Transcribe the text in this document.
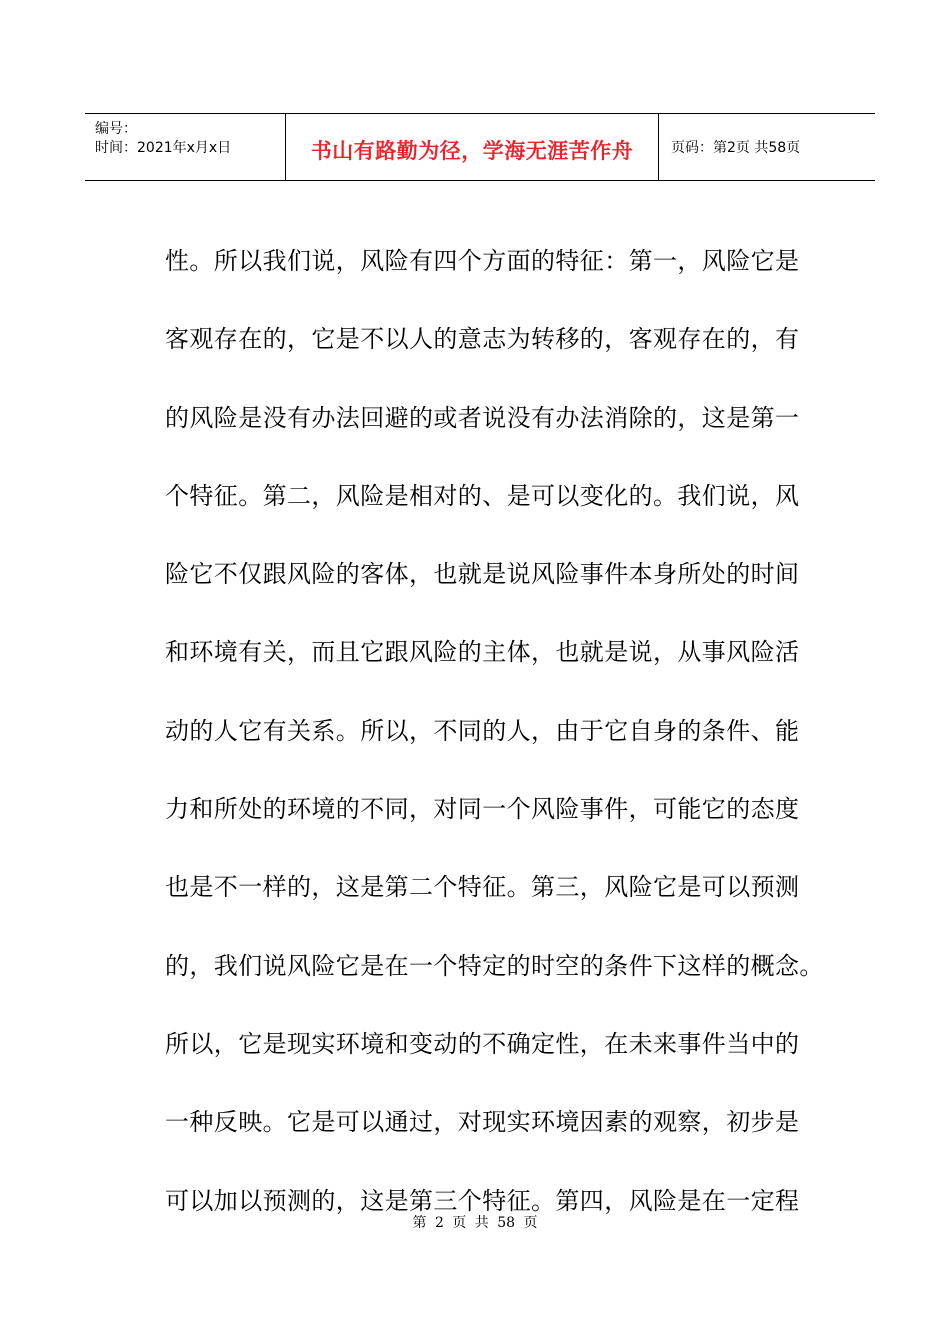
编号：
时间：2021年x月x日	书山有路勤为径，学海无涯苦作舟	页码：第2页 共58页
性。所以我们说，风险有四个方面的特征：第一，风险它是
客观存在的，它是不以人的意志为转移的，客观存在的，有
的风险是没有办法回避的或者说没有办法消除的，这是第一
个特征。第二，风险是相对的、是可以变化的。我们说，风
险它不仅跟风险的客体，也就是说风险事件本身所处的时间
和环境有关，而且它跟风险的主体，也就是说，从事风险活
动的人它有关系。所以，不同的人，由于它自身的条件、能
力和所处的环境的不同，对同一个风险事件，可能它的态度
也是不一样的，这是第二个特征。第三，风险它是可以预测
的，我们说风险它是在一个特定的时空的条件下这样的概念。
所以，它是现实环境和变动的不确定性，在未来事件当中的
一种反映。它是可以通过，对现实环境因素的观察，初步是
可以加以预测的，这是第三个特征。第四，风险是在一定程
第 2 页 共 58 页
